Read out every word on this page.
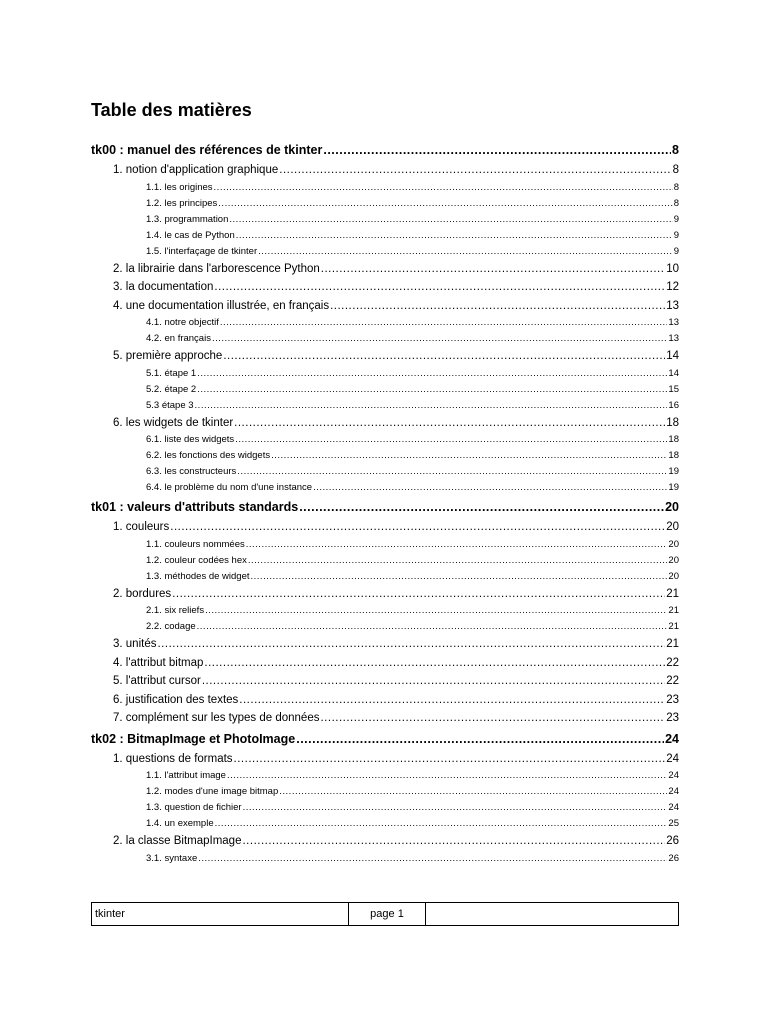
Table des matières
tk00 : manuel des références de tkinter .....	8
1. notion d'application graphique .....	8
1.1. les origines .....	8
1.2. les principes .....	8
1.3. programmation .....	9
1.4. le cas de Python .....	9
1.5. l'interfaçage de tkinter .....	9
2. la librairie dans l'arborescence Python .....	10
3. la documentation .....	12
4. une documentation illustrée, en français .....	13
4.1. notre objectif .....	13
4.2. en français .....	13
5. première approche .....	14
5.1. étape 1 .....	14
5.2. étape 2 .....	15
5.3 étape 3 .....	16
6. les widgets de tkinter .....	18
6.1. liste des widgets .....	18
6.2. les fonctions des widgets .....	18
6.3. les constructeurs .....	19
6.4. le problème du nom d'une instance .....	19
tk01 : valeurs d'attributs standards .....	20
1. couleurs .....	20
1.1. couleurs nommées .....	20
1.2. couleur codées hex .....	20
1.3. méthodes de widget .....	20
2. bordures .....	21
2.1. six reliefs .....	21
2.2. codage .....	21
3. unités .....	21
4. l'attribut bitmap .....	22
5. l'attribut cursor .....	22
6. justification des textes .....	23
7. complément sur les types de données .....	23
tk02 : BitmapImage et PhotoImage .....	24
1. questions de formats .....	24
1.1. l'attribut image .....	24
1.2. modes d'une image bitmap .....	24
1.3. question de fichier .....	24
1.4. un exemple .....	25
2. la classe BitmapImage .....	26
3.1. syntaxe .....	26
tkinter	page 1
